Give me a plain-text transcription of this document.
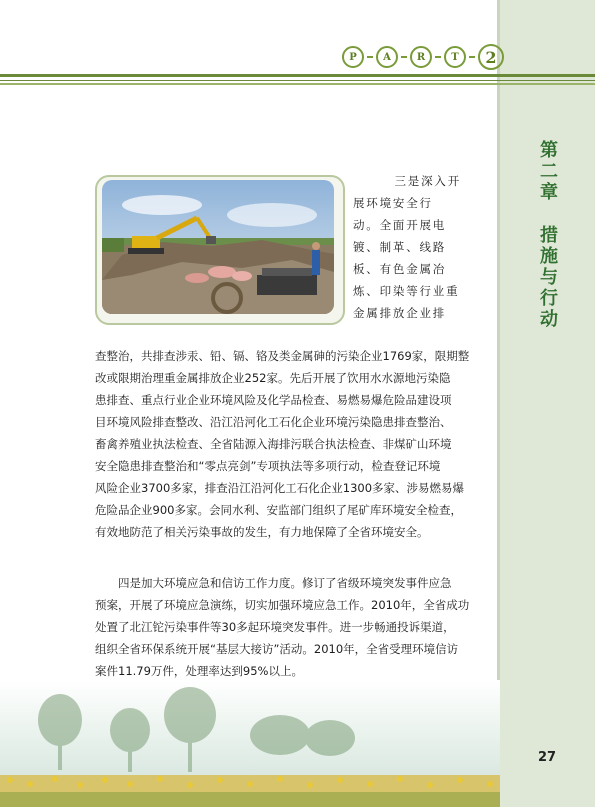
P	A	R	T	2
第二章措施与行动
三是深入开
展环境安全行
动。全面开展电
镀、制革、线路
板、有色金属冶
炼、印染等行业重
金属排放企业排
查整治，共排查涉汞、铅、镉、铬及类金属砷的污染企业1769家，限期整
改或限期治理重金属排放企业252家。先后开展了饮用水水源地污染隐
患排查、重点行业企业环境风险及化学品检查、易燃易爆危险品建设项
目环境风险排查整改、沿江沿河化工石化企业环境污染隐患排查整治、
畜禽养殖业执法检查、全省陆源入海排污联合执法检查、非煤矿山环境
安全隐患排查整治和“零点亮剑”专项执法等多项行动，检查登记环境
风险企业3700多家，排查沿江沿河化工石化企业1300多家、涉易燃易爆
危险品企业900多家。会同水利、安监部门组织了尾矿库环境安全检查，
有效地防范了相关污染事故的发生，有力地保障了全省环境安全。
四是加大环境应急和信访工作力度。修订了省级环境突发事件应急
预案，开展了环境应急演练，切实加强环境应急工作。2010年，全省成功
处置了北江铊污染事件等30多起环境突发事件。进一步畅通投诉渠道，
组织全省环保系统开展“基层大接访”活动。2010年，全省受理环境信访
案件11.79万件，处理率达到95%以上。
27
